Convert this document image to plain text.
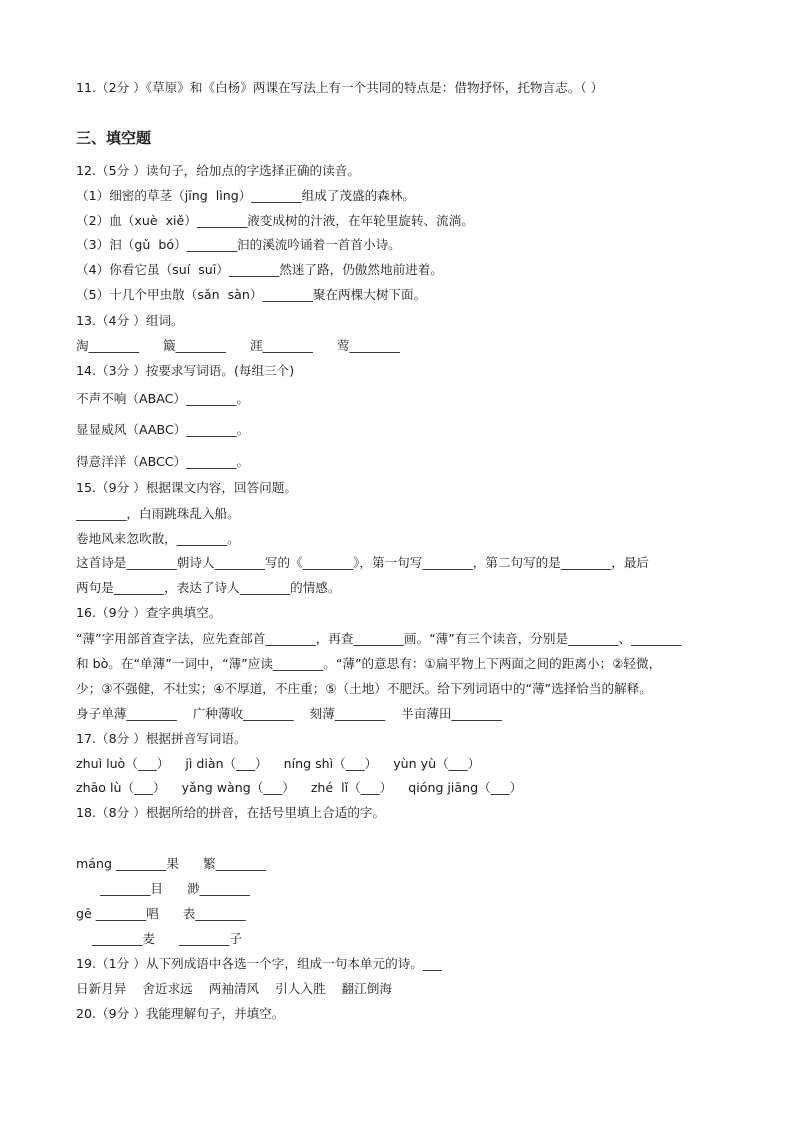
11.（2分 ）《草原》和《白杨》两课在写法上有一个共同的特点是：借物抒怀，托物言志。（ ）
三、填空题
12.（5分 ）读句子，给加点的字选择正确的读音。
（1）细密的草茎（jīng  lìng）________组成了茂盛的森林。
（2）血（xuè  xiě）________液变成树的汁液，在年轮里旋转、流淌。
（3）汩（gǔ  bó）________汩的溪流吟诵着一首首小诗。
（4）你看它虽（suí  suī）________然迷了路，仍傲然地前进着。
（5）十几个甲虫散（sǎn  sàn）________聚在两棵大树下面。
13.（4分 ）组词。
淘________      簸________      涯________      莺________
14.（3分 ）按要求写词语。(每组三个)
不声不响（ABAC）________。
显显威风（AABC）________。
得意洋洋（ABCC）________。
15.（9分 ）根据课文内容，回答问题。
________，白雨跳珠乱入船。
卷地风来忽吹散，________。
这首诗是________朝诗人________写的《________》，第一句写________，第二句写的是________，最后
两句是________，表达了诗人________的情感。
16.（9分 ）查字典填空。
“薄”字用部首查字法，应先查部首________，再查________画。“薄”有三个读音，分别是________、________
和 bò。在“单薄”一词中，“薄”应读________。“薄”的意思有：①扁平物上下两面之间的距离小；②轻微，
少；③不强健，不壮实；④不厚道，不庄重；⑤（土地）不肥沃。给下列词语中的“薄”选择恰当的解释。
身子单薄________    广种薄收________    刻薄________    半亩薄田________
17.（8分 ）根据拼音写词语。
zhuì luò（___）    jì diàn（___）    níng shì（___）    yùn yù（___）
zhāo lù（___）    yǎng wàng（___）    zhé  lǐ（___）    qióng jiāng（___）
18.（8分 ）根据所给的拼音，在括号里填上合适的字。
máng ________果      繁________
________目      渺________
gē ________唱      表________
________麦      ________子
19.（1分 ）从下列成语中各选一个字，组成一句本单元的诗。___
日新月异    舍近求远    两袖清风    引人入胜    翻江倒海
20.（9分 ）我能理解句子，并填空。
